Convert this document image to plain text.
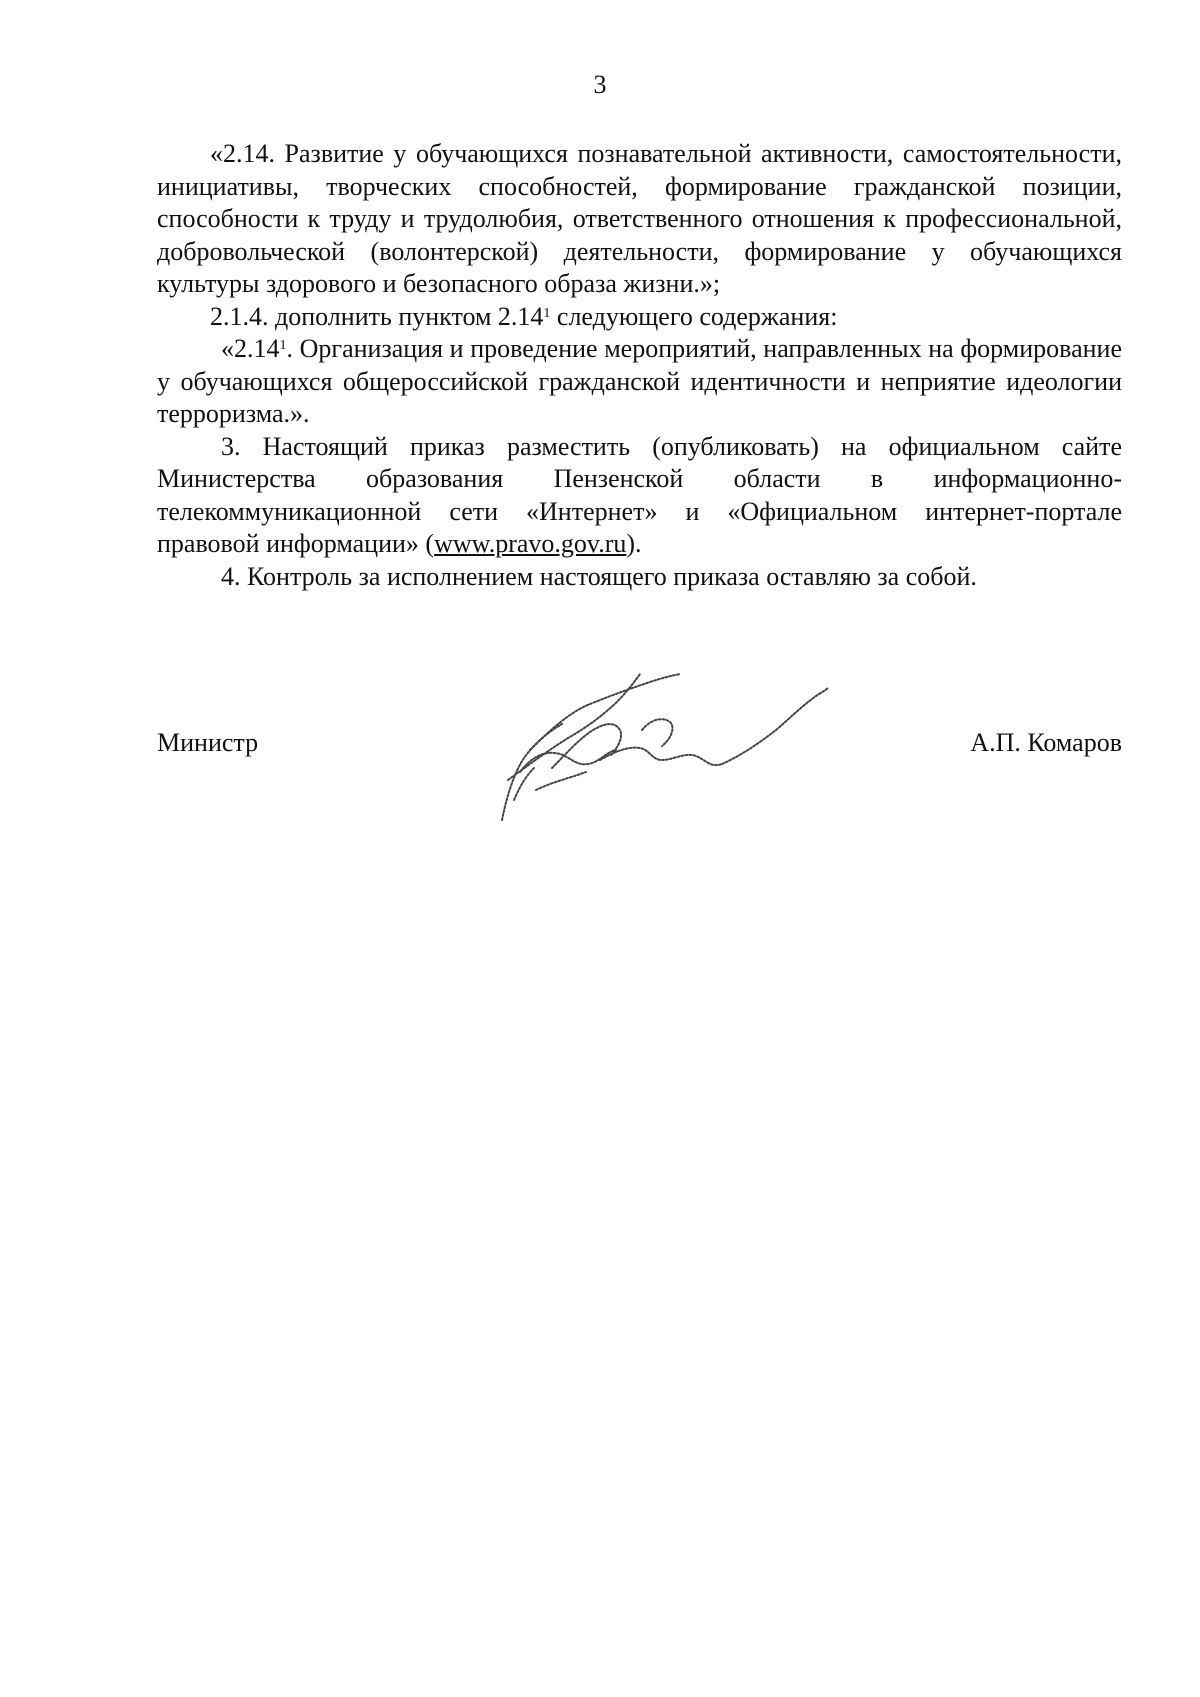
3

«2.14. Развитие у обучающихся познавательной активности, самостоятельности, инициативы, творческих способностей, формирование гражданской позиции, способности к труду и трудолюбия, ответственного отношения к профессиональной, добровольческой (волонтерской) деятельности, формирование у обучающихся культуры здорового и безопасного образа жизни.»;

2.1.4. дополнить пунктом 2.14$^1$ следующего содержания:

«2.14$^1$. Организация и проведение мероприятий, направленных на формирование у обучающихся общероссийской гражданской идентичности и неприятие идеологии терроризма.».

3. Настоящий приказ разместить (опубликовать) на официальном сайте Министерства образования Пензенской области в информационно-телекоммуникационной сети «Интернет» и «Официальном интернет-портале правовой информации» (www.pravo.gov.ru).

4. Контроль за исполнением настоящего приказа оставляю за собой.

Министр	А.П. Комаров
